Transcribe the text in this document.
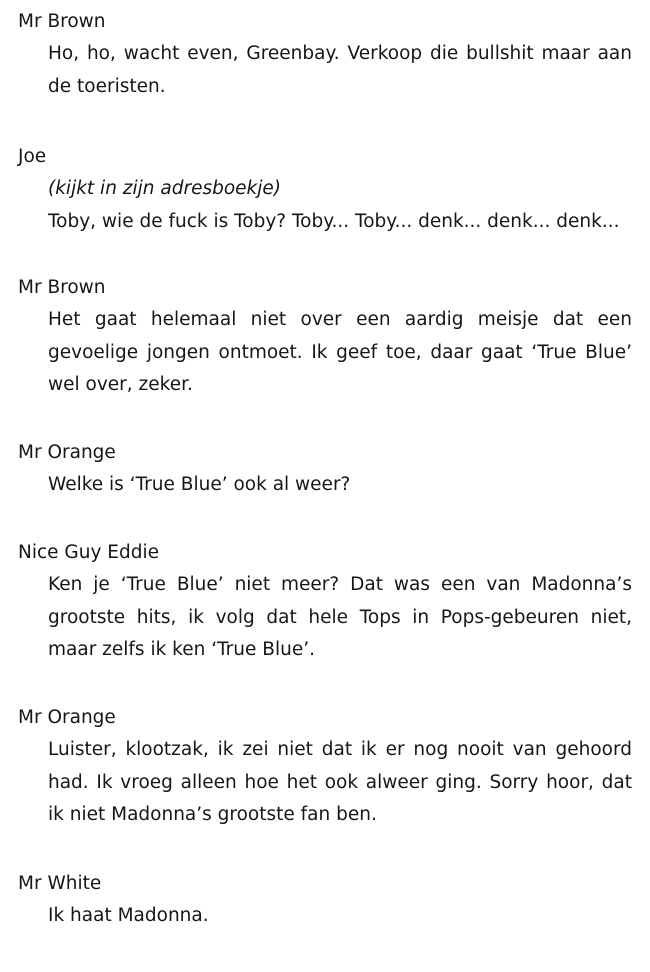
Mr Brown
Ho, ho, wacht even, Greenbay. Verkoop die bullshit maar aan de toeristen.
Joe
(kijkt in zijn adresboekje)
Toby, wie de fuck is Toby? Toby... Toby... denk... denk... denk...
Mr Brown
Het gaat helemaal niet over een aardig meisje dat een gevoelige jongen ontmoet. Ik geef toe, daar gaat ‘True Blue’ wel over, zeker.
Mr Orange
Welke is ‘True Blue’ ook al weer?
Nice Guy Eddie
Ken je ‘True Blue’ niet meer? Dat was een van Madonna’s grootste hits, ik volg dat hele Tops in Pops-gebeuren niet, maar zelfs ik ken ‘True Blue’.
Mr Orange
Luister, klootzak, ik zei niet dat ik er nog nooit van gehoord had. Ik vroeg alleen hoe het ook alweer ging. Sorry hoor, dat ik niet Madonna’s grootste fan ben.
Mr White
Ik haat Madonna.
